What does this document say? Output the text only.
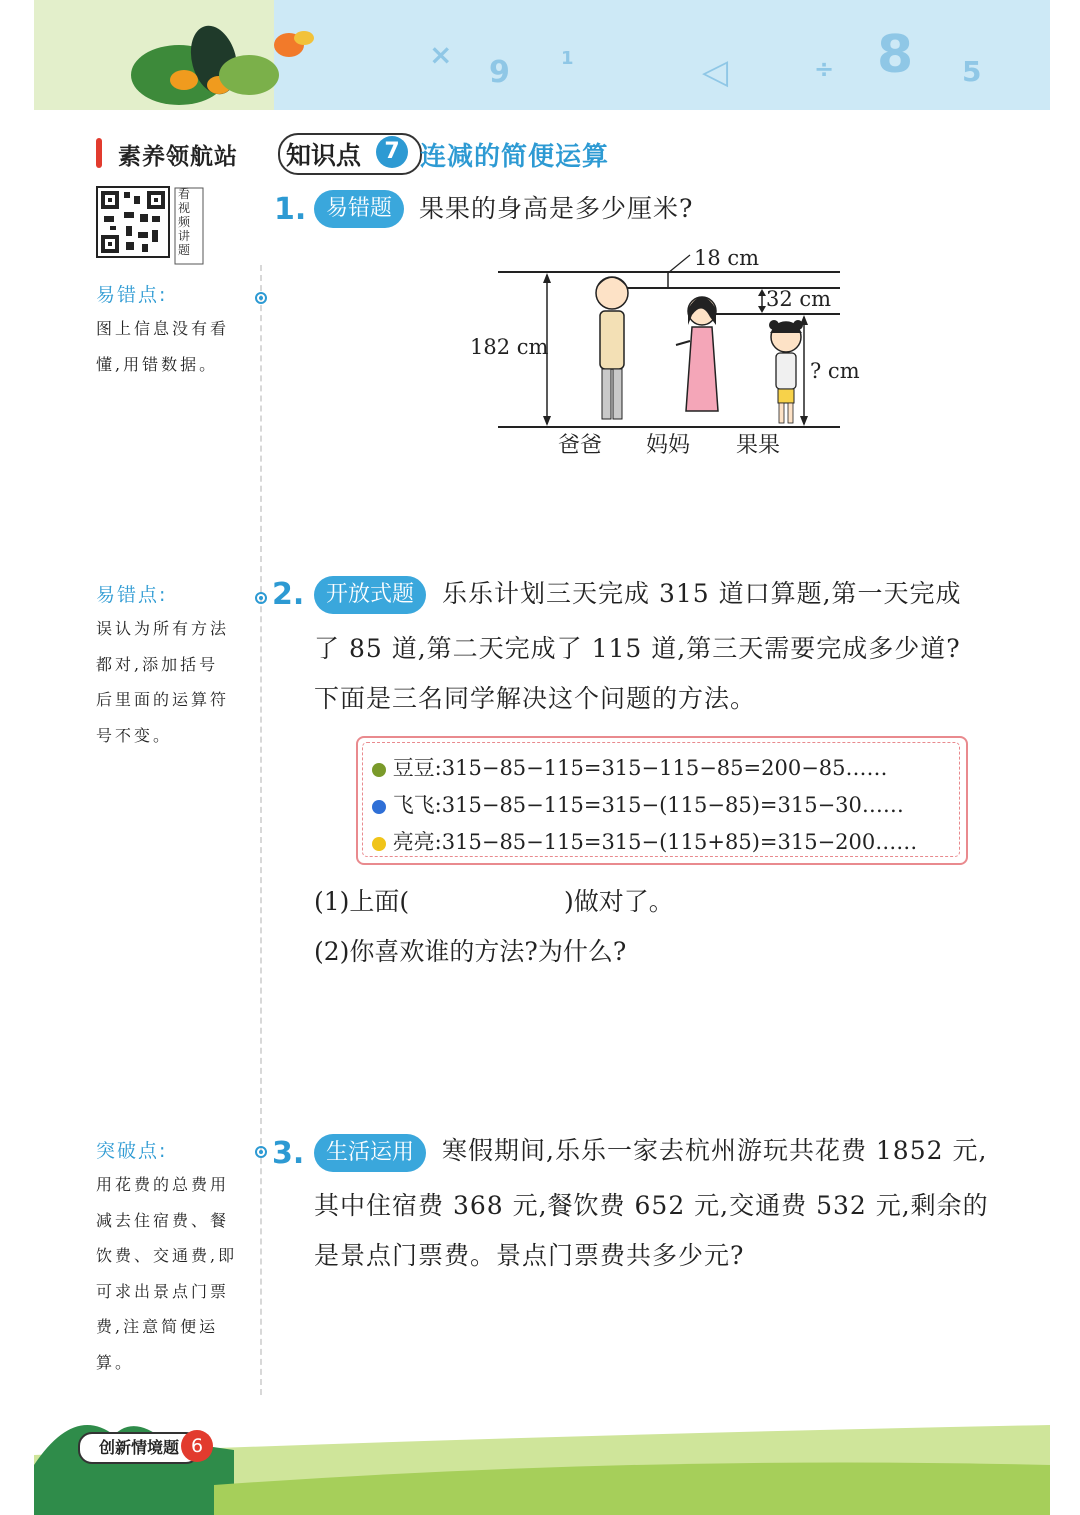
×
9	1	◁	÷ 8 5
素养领航站 知识点	7 连减的简便运算
看
视
频
讲
题
易错点:
图上信息没有看
懂,用错数据。
易错点:
误认为所有方法
都对,添加括号
后里面的运算符
号不变。
突破点:
用花费的总费用
减去住宿费、餐
饮费、交通费,即
可求出景点门票
费,注意简便运
算。
1. 易错题	果果的身高是多少厘米?
18 cm
32 cm
182 cm
? cm
爸爸 妈妈 果果
2. 开放式题	乐乐计划三天完成 315 道口算题,第一天完成
了 85 道,第二天完成了 115 道,第三天需要完成多少道?
下面是三名同学解决这个问题的方法。
豆豆:315−85−115=315−115−85=200−85……
飞飞:315−85−115=315−(115−85)=315−30……
亮亮:315−85−115=315−(115+85)=315−200……
(1)上面(	)做对了。
(2)你喜欢谁的方法?为什么?
3. 生活运用	寒假期间,乐乐一家去杭州游玩共花费 1852 元,
其中住宿费 368 元,餐饮费 652 元,交通费 532 元,剩余的
是景点门票费。景点门票费共多少元?
创新情境题 6
